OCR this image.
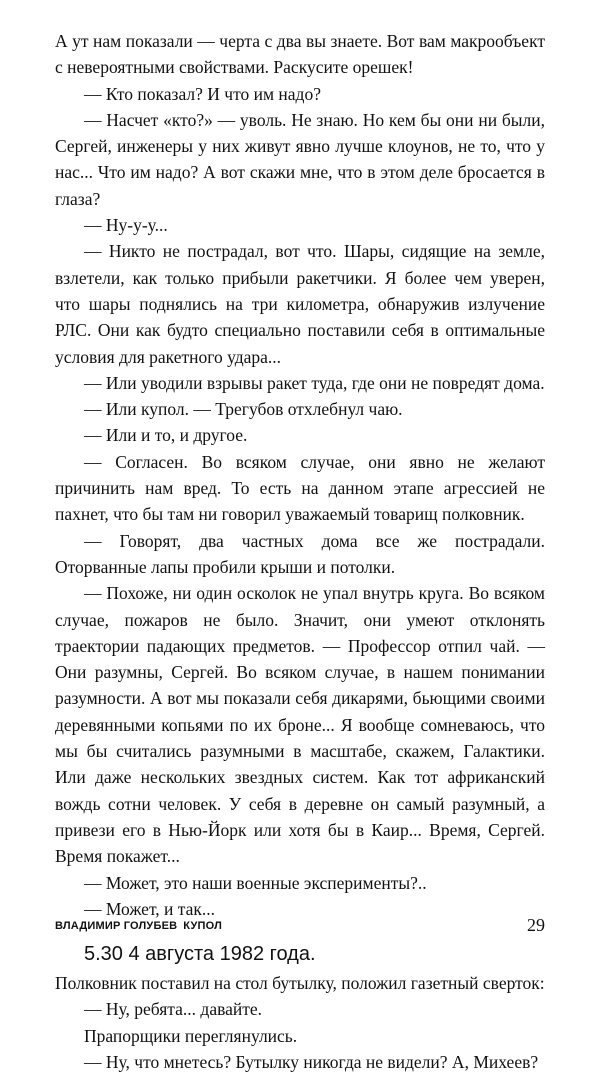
А ут нам показали — черта с два вы знаете. Вот вам макрообъект с невероятными свойствами. Раскусите орешек!

— Кто показал? И что им надо?

— Насчет «кто?» — уволь. Не знаю. Но кем бы они ни были, Сергей, инженеры у них живут явно лучше клоунов, не то, что у нас... Что им надо? А вот скажи мне, что в этом деле бросается в глаза?

— Ну-у-у...

— Никто не пострадал, вот что. Шары, сидящие на земле, взлетели, как только прибыли ракетчики. Я более чем уверен, что шары поднялись на три километра, обнаружив излучение РЛС. Они как будто специально поставили себя в оптимальные условия для ракетного удара...

— Или уводили взрывы ракет туда, где они не повредят дома.

— Или купол. — Трегубов отхлебнул чаю.

— Или и то, и другое.

— Согласен. Во всяком случае, они явно не желают причинить нам вред. То есть на данном этапе агрессией не пахнет, что бы там ни говорил уважаемый товарищ полковник.

— Говорят, два частных дома все же пострадали. Оторванные лапы пробили крыши и потолки.

— Похоже, ни один осколок не упал внутрь круга. Во всяком случае, пожаров не было. Значит, они умеют отклонять траектории падающих предметов. — Профессор отпил чай. — Они разумны, Сергей. Во всяком случае, в нашем понимании разумности. А вот мы показали себя дикарями, бьющими своими деревянными копьями по их броне... Я вообще сомневаюсь, что мы бы считались разумными в масштабе, скажем, Галактики. Или даже нескольких звездных систем. Как тот африканский вождь сотни человек. У себя в деревне он самый разумный, а привези его в Нью-Йорк или хотя бы в Каир... Время, Сергей. Время покажет...

— Может, это наши военные эксперименты?..

— Может, и так...

5.30 4 августа 1982 года.

Полковник поставил на стол бутылку, положил газетный сверток:

— Ну, ребята... давайте.

Прапорщики переглянулись.

— Ну, что мнетесь? Бутылку никогда не видели? А, Михеев?

ВЛАДИМИР ГОЛУБЕВ КУПОЛ	29
